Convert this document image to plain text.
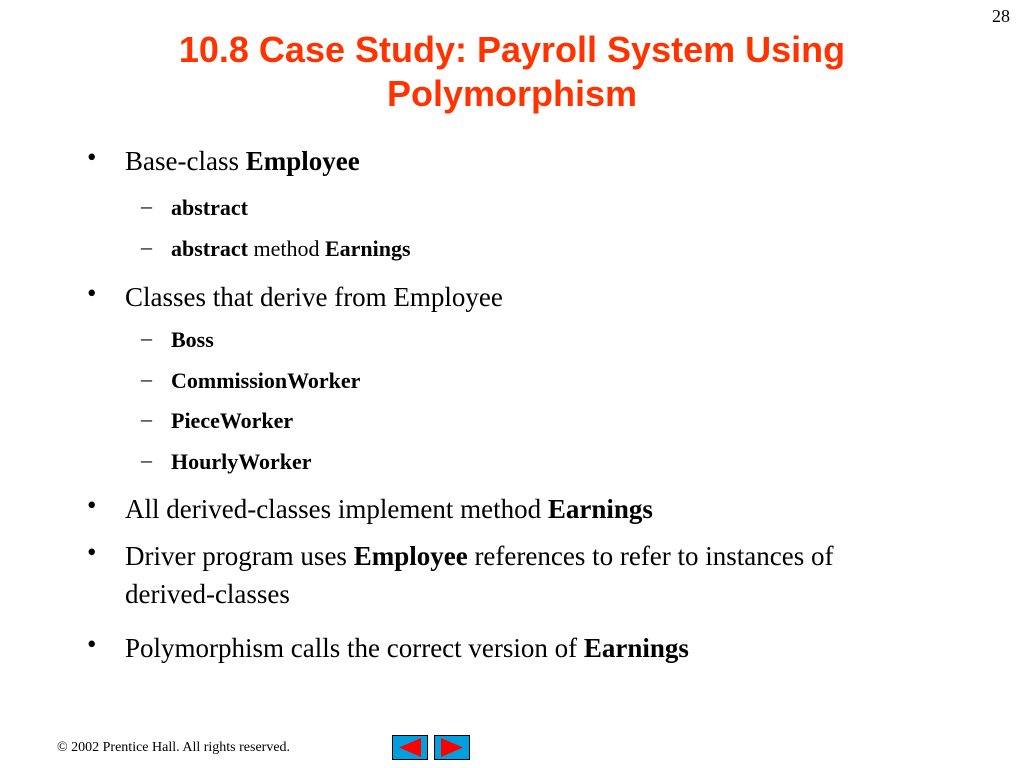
28
10.8 Case Study: Payroll System Using
Polymorphism
• Base-class Employee
– abstract
– abstract method Earnings
• Classes that derive from Employee
– Boss
– CommissionWorker
– PieceWorker
– HourlyWorker
• All derived-classes implement method Earnings
• Driver program uses Employee references to refer to instances of derived-classes
• Polymorphism calls the correct version of Earnings
© 2002 Prentice Hall. All rights reserved.
